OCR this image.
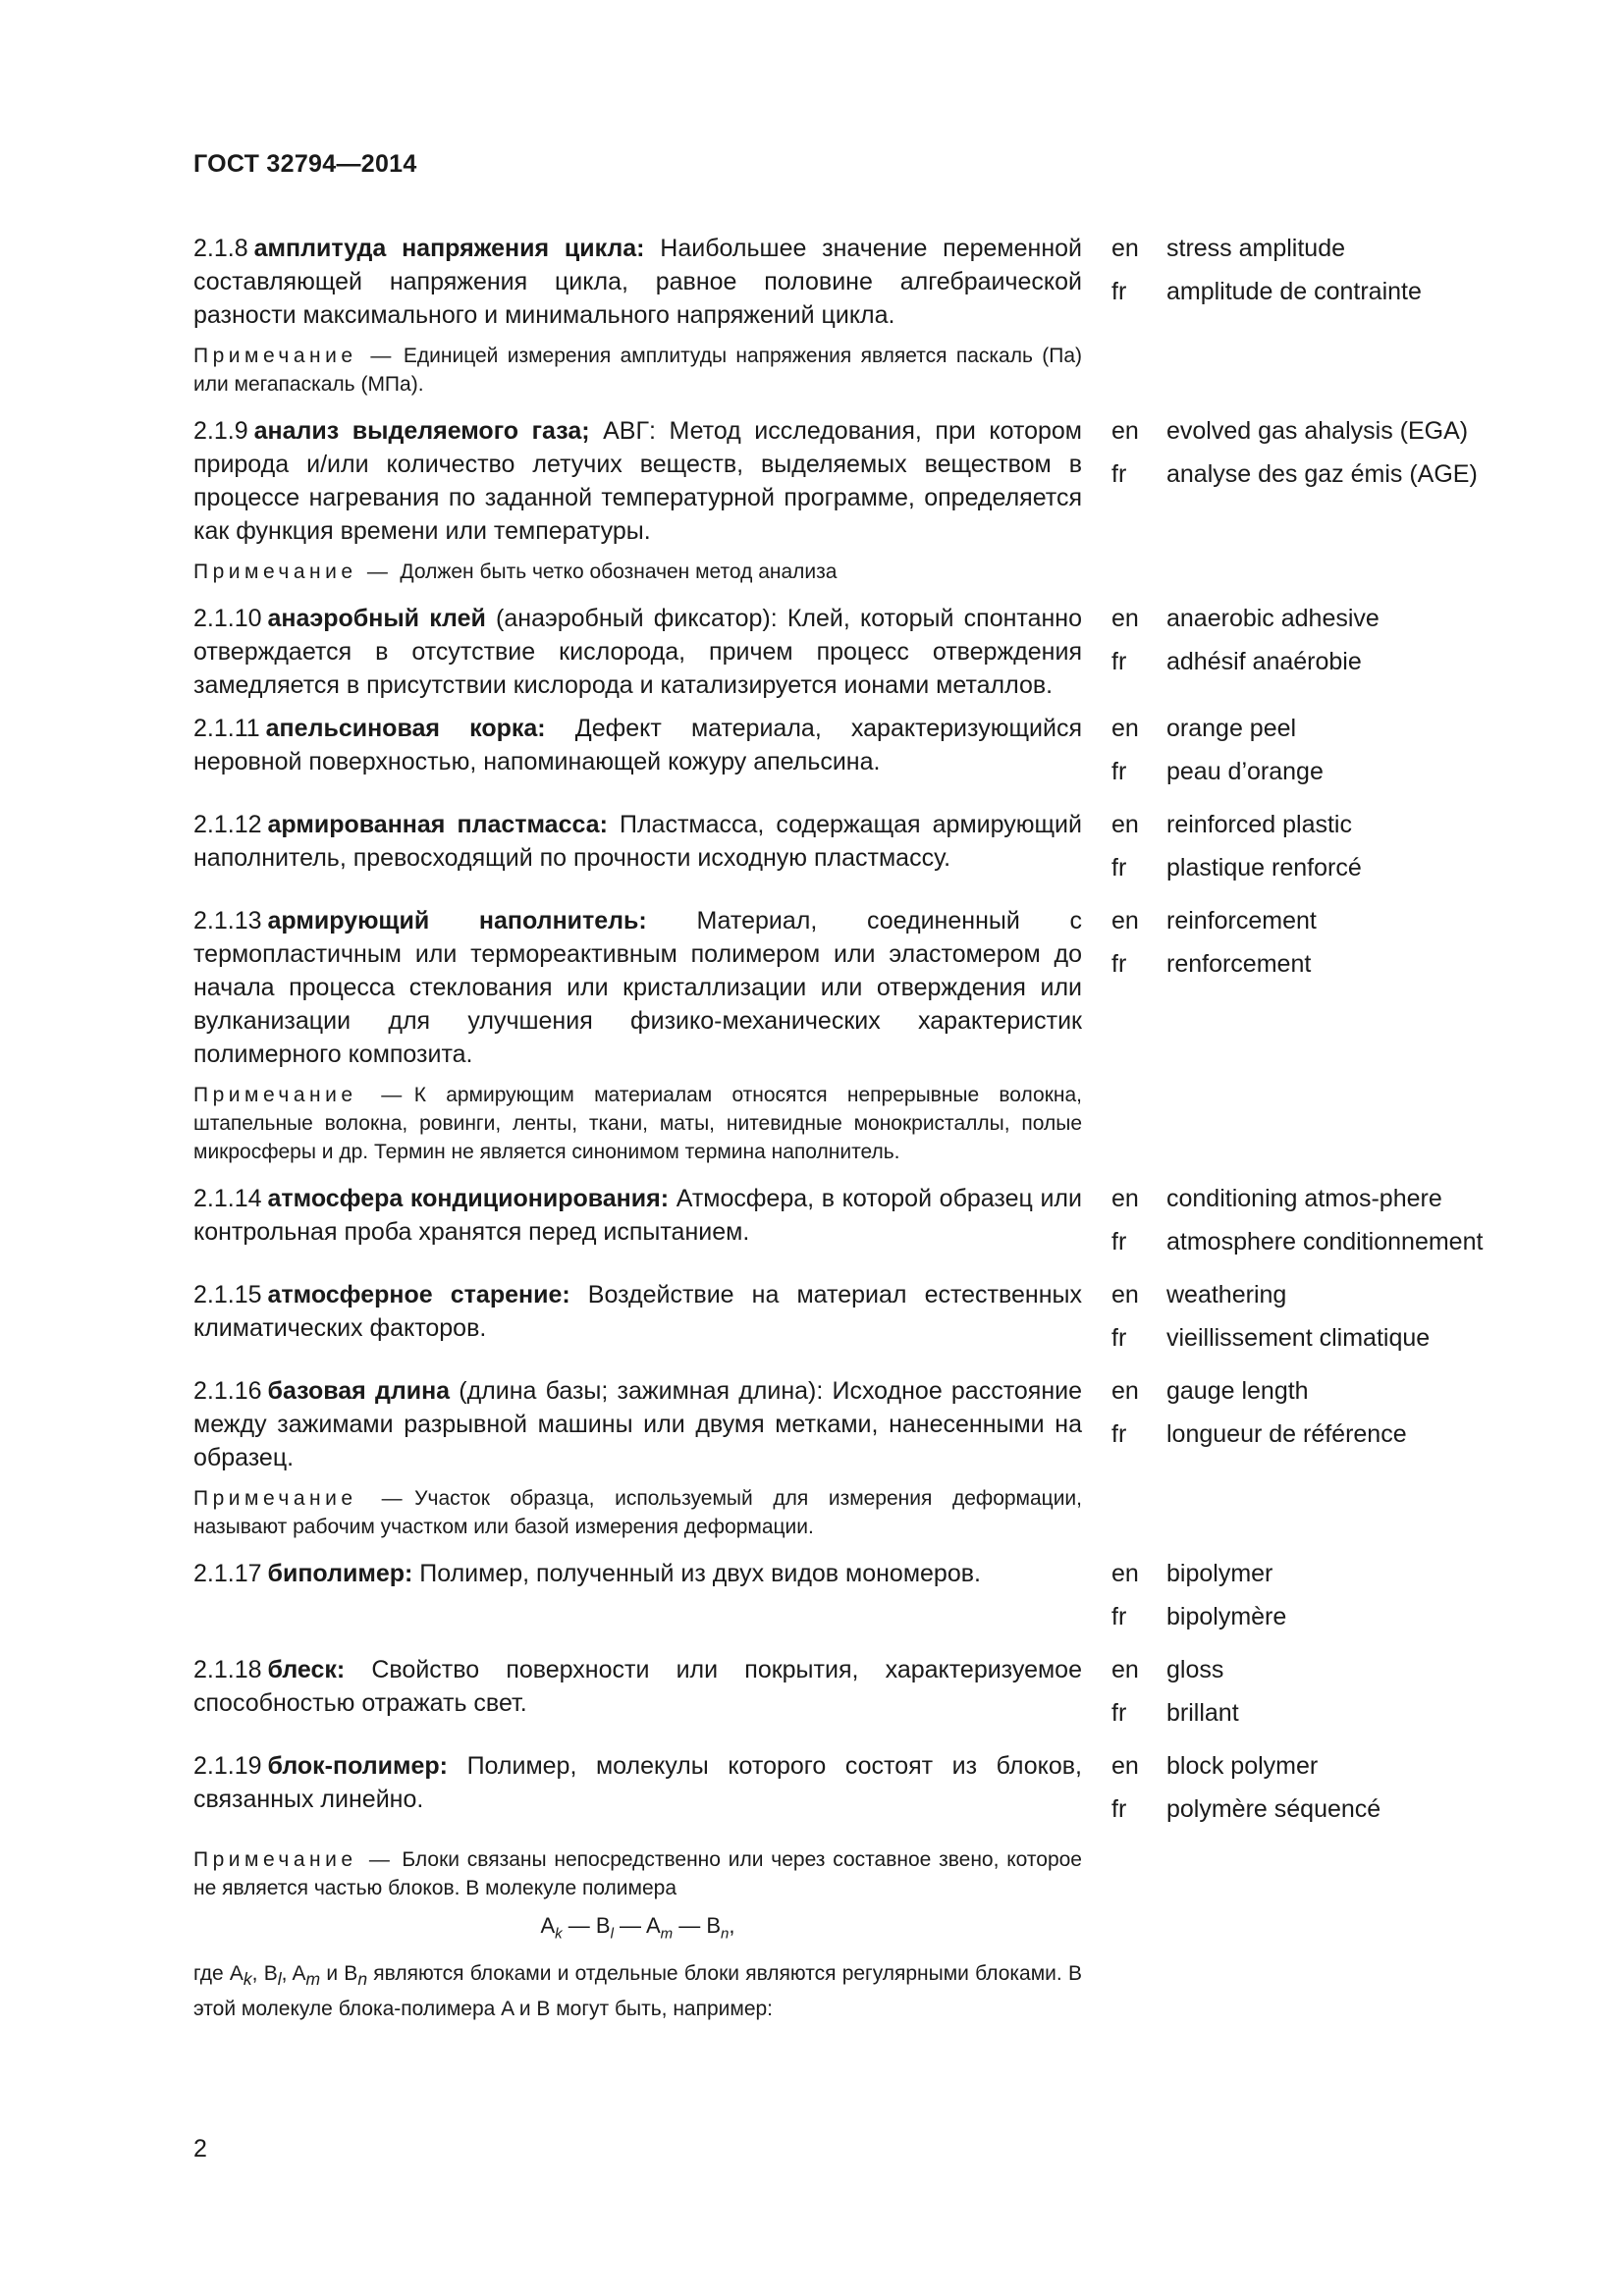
ГОСТ 32794—2014
2.1.8 амплитуда напряжения цикла: Наибольшее значение переменной составляющей напряжения цикла, равное половине алгебраической разности максимального и минимального напряжений цикла.
en	stress amplitude
fr	amplitude de contrainte
Примечание — Единицей измерения амплитуды напряжения является паскаль (Па) или мегапаскаль (МПа).
2.1.9 анализ выделяемого газа; АВГ: Метод исследования, при котором природа и/или количество летучих веществ, выделяемых веществом в процессе нагревания по заданной температурной программе, определяется как функция времени или температуры.
en	evolved gas ahalysis (EGA)
fr	analyse des gaz émis (AGE)
Примечание — Должен быть четко обозначен метод анализа
2.1.10 анаэробный клей (анаэробный фиксатор): Клей, который спонтанно отверждается в отсутствие кислорода, причем процесс отверждения замедляется в присутствии кислорода и катализируется ионами металлов.
en	anaerobic adhesive
fr	adhésif anaérobie
2.1.11 апельсиновая корка: Дефект материала, характеризующийся неровной поверхностью, напоминающей кожуру апельсина.
en	orange peel
fr	peau d’orange
2.1.12 армированная пластмасса: Пластмасса, содержащая армирующий наполнитель, превосходящий по прочности исходную пластмассу.
en	reinforced plastic
fr	plastique renforcé
2.1.13 армирующий наполнитель: Материал, соединенный с термопластичным или термореактивным полимером или эластомером до начала процесса стеклования или кристаллизации или отверждения или вулканизации для улучшения физико-механических характеристик полимерного композита.
en	reinforcement
fr	renforcement
Примечание — К армирующим материалам относятся непрерывные волокна, штапельные волокна, ровинги, ленты, ткани, маты, нитевидные монокристаллы, полые микросферы и др. Термин не является синонимом термина наполнитель.
2.1.14 атмосфера кондиционирования: Атмосфера, в которой образец или контрольная проба хранятся перед испытанием.
en	conditioning atmos-phere
fr	atmosphere conditionnement
2.1.15 атмосферное старение: Воздействие на материал естественных климатических факторов.
en	weathering
fr	vieillissement climatique
2.1.16 базовая длина (длина базы; зажимная длина): Исходное расстояние между зажимами разрывной машины или двумя метками, нанесенными на образец.
en	gauge length
fr	longueur de référence
Примечание — Участок образца, используемый для измерения деформации, называют рабочим участком или базой измерения деформации.
2.1.17 биполимер: Полимер, полученный из двух видов мономеров.	en	bipolymer
fr	bipolymère
2.1.18 блеск: Свойство поверхности или покрытия, характеризуемое способностью отражать свет.
en	gloss
fr	brillant
2.1.19 блок-полимер: Полимер, молекулы которого состоят из блоков, связанных линейно.
en	block polymer
fr	polymère séquencé
Примечание — Блоки связаны непосредственно или через составное звено, которое не является частью блоков. В молекуле полимера
$A_k$ — $B_l$ — $A_m$ — $B_n$,
где $A_k$, $B_l$, $A_m$ и $B_n$ являются блоками и отдельные блоки являются регулярными блоками. В этой молекуле блока-полимера A и B могут быть, например:
2
